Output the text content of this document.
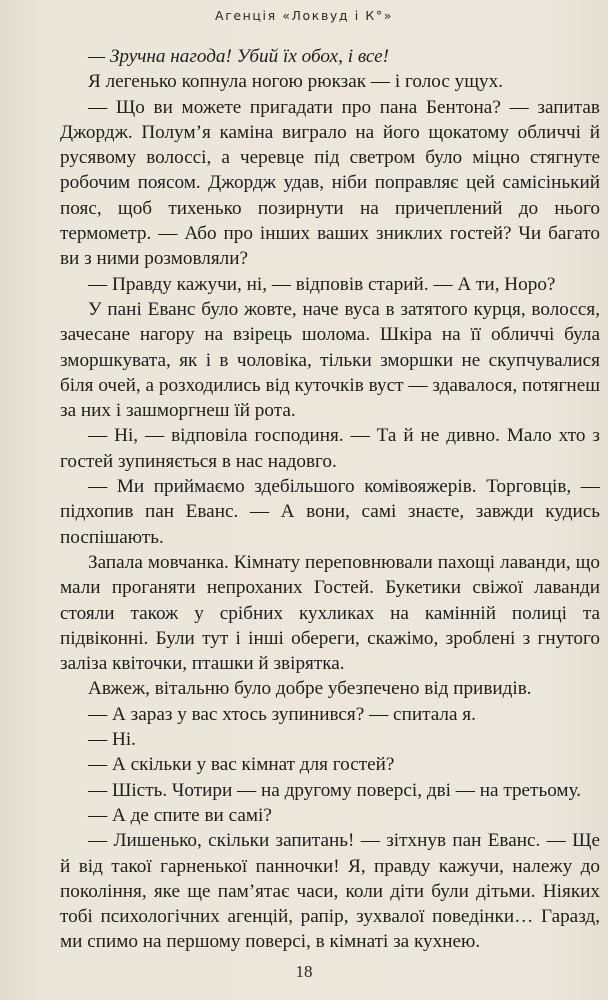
Агенція «Локвуд і К°»

— Зручна нагода! Убий їх обох, і все!

Я легенько копнула ногою рюкзак — і голос ущух.

— Що ви можете пригадати про пана Бентона? — запитав Джордж. Полум’я каміна виграло на його щокатому обличчі й русявому волоссі, а черевце під светром було міцно стягнуте робочим поясом. Джордж удав, ніби поправляє цей самісінький пояс, щоб тихенько позирнути на причеплений до нього термометр. — Або про інших ваших зниклих гостей? Чи багато ви з ними розмовляли?

— Правду кажучи, ні, — відповів старий. — А ти, Норо?

У пані Еванс було жовте, наче вуса в затятого курця, волосся, зачесане нагору на взірець шолома. Шкіра на її обличчі була зморшкувата, як і в чоловіка, тільки зморшки не скупчувалися біля очей, а розходились від куточків вуст — здавалося, потягнеш за них і зашморгнеш їй рота.

— Ні, — відповіла господиня. — Та й не дивно. Мало хто з гостей зупиняється в нас надовго.

— Ми приймаємо здебільшого комівояжерів. Торговців, — підхопив пан Еванс. — А вони, самі знаєте, завжди кудись поспішають.

Запала мовчанка. Кімнату переповнювали пахощі лаванди, що мали проганяти непроханих Гостей. Букетики свіжої лаванди стояли також у срібних кухликах на камінній полиці та підвіконні. Були тут і інші обереги, скажімо, зроблені з гнутого заліза квіточки, пташки й звірятка.

Авжеж, вітальню було добре убезпечено від привидів.

— А зараз у вас хтось зупинився? — спитала я.

— Ні.

— А скільки у вас кімнат для гостей?

— Шість. Чотири — на другому поверсі, дві — на третьому.

— А де спите ви самі?

— Лишенько, скільки запитань! — зітхнув пан Еванс. — Ще й від такої гарненької панночки! Я, правду кажучи, належу до покоління, яке ще пам’ятає часи, коли діти були дітьми. Ніяких тобі психологічних агенцій, рапір, зухвалої поведінки… Гаразд, ми спимо на першому поверсі, в кімнаті за кухнею.

18
